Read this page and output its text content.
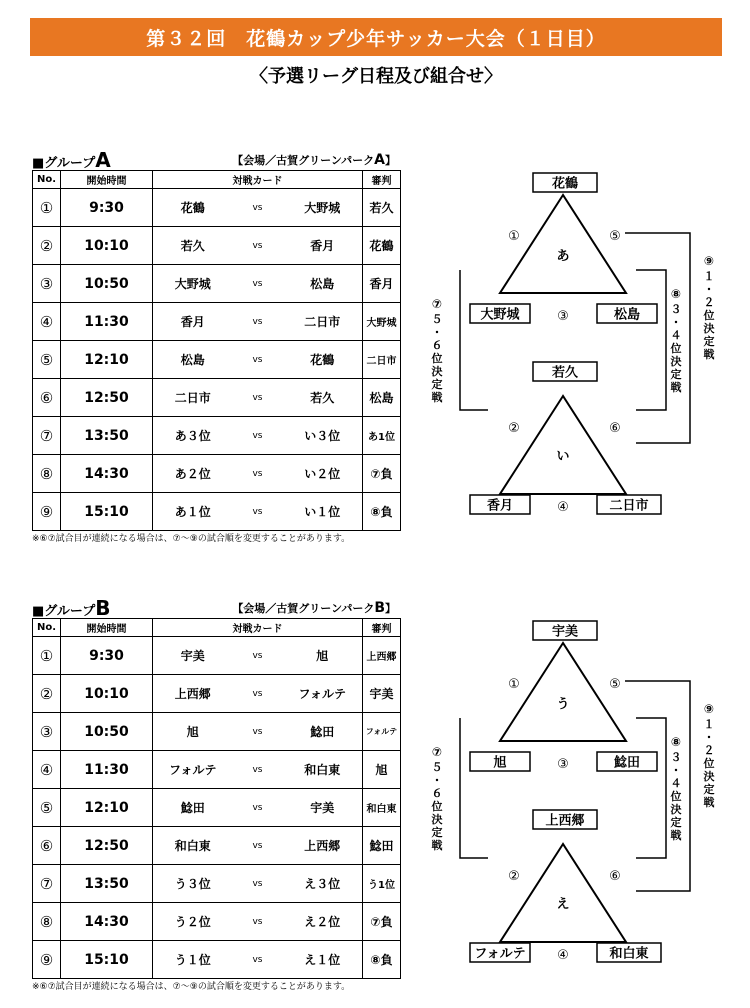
第３２回　花鶴カップ少年サッカー大会（１日目）
〈予選リーグ日程及び組合せ〉
■グループA	【会場／古賀グリーンパークA】
No.	開始時間	対戦カード			審判
①	9:30	花鶴	vs	大野城	若久
②	10:10	若久	vs	香月	花鶴
③	10:50	大野城	vs	松島	香月
④	11:30	香月	vs	二日市	大野城
⑤	12:10	松島	vs	花鶴	二日市
⑥	12:50	二日市	vs	若久	松島
⑦	13:50	あ３位	vs	い３位	あ1位
⑧	14:30	あ２位	vs	い２位	⑦負
⑨	15:10	あ１位	vs	い１位	⑧負
※⑥⑦試合目が連続になる場合は、⑦～⑨の試合順を変更することがあります。
花鶴
大野城	松島
若久
香月	二日市
あ
い
①	⑤
③
②	⑥
④
⑦
５・６位決定戦
⑧
３・４位決定戦
⑨
１・２位決定戦
■グループB	【会場／古賀グリーンパークB】
No.	開始時間	対戦カード			審判
①	9:30	宇美	vs	旭	上西郷
②	10:10	上西郷	vs	フォルテ	宇美
③	10:50	旭	vs	鯰田	フォルテ
④	11:30	フォルテ	vs	和白東	旭
⑤	12:10	鯰田	vs	宇美	和白東
⑥	12:50	和白東	vs	上西郷	鯰田
⑦	13:50	う３位	vs	え３位	う1位
⑧	14:30	う２位	vs	え２位	⑦負
⑨	15:10	う１位	vs	え１位	⑧負
※⑥⑦試合目が連続になる場合は、⑦～⑨の試合順を変更することがあります。
宇美
旭	鯰田
上西郷
フォルテ	和白東
う
え
①	⑤
③
②	⑥
④
⑦
５・６位決定戦
⑧
３・４位決定戦
⑨
１・２位決定戦
